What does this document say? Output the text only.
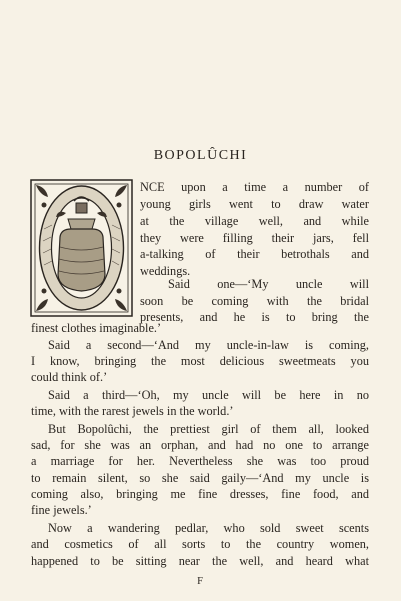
BOPOLÛCHI
NCE upon a time a number of
young girls went to draw water
at the village well, and while
they were filling their jars, fell
a-talking of their betrothals and
weddings.
Said one—‘My uncle will
soon be coming with the bridal
presents, and he is to bring the
finest clothes imaginable.’
Said a second—‘And my uncle-in-law is coming,
I know, bringing the most delicious sweetmeats you
could think of.’
Said a third—‘Oh, my uncle will be here in no
time, with the rarest jewels in the world.’
But Bopolûchi, the prettiest girl of them all, looked
sad, for she was an orphan, and had no one to arrange
a marriage for her. Nevertheless she was too proud
to remain silent, so she said gaily—‘And my uncle is
coming also, bringing me fine dresses, fine food, and
fine jewels.’
Now a wandering pedlar, who sold sweet scents
and cosmetics of all sorts to the country women,
happened to be sitting near the well, and heard what
F
